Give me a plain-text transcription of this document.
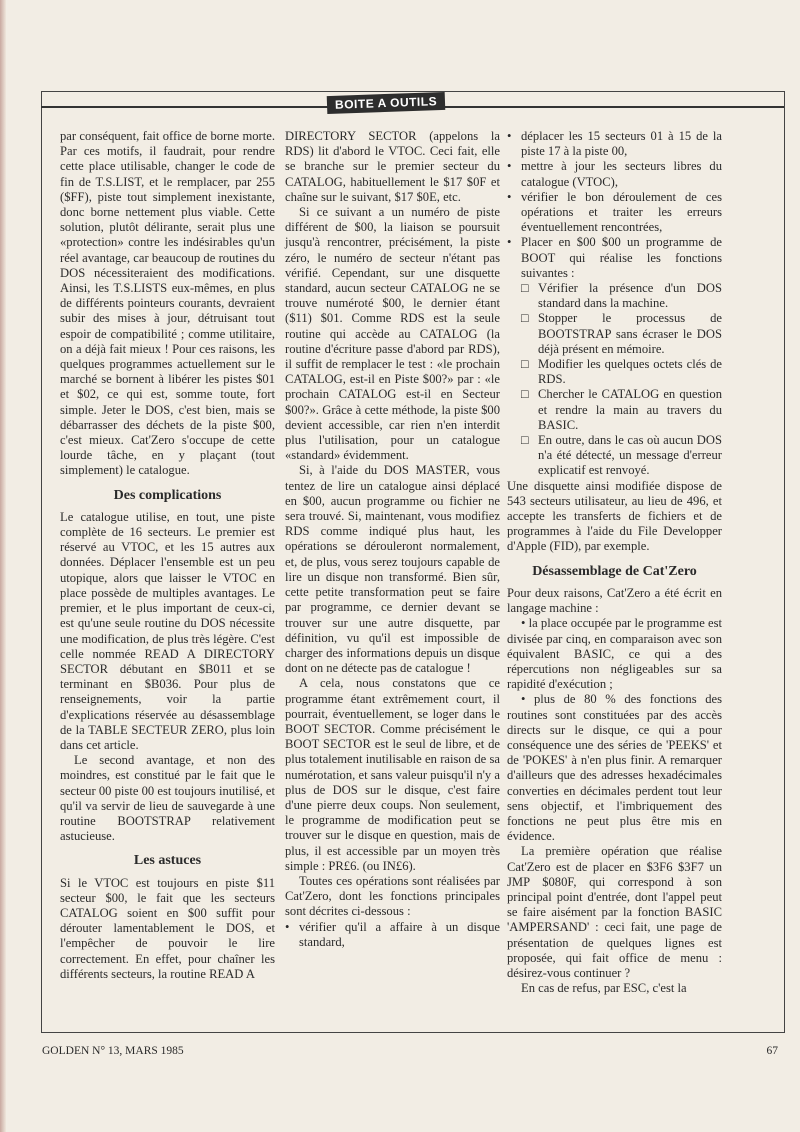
BOITE A OUTILS

par conséquent, fait office de borne morte. Par ces motifs, il faudrait, pour rendre cette place utilisable, changer le code de fin de T.S.LIST, et le remplacer, par 255 ($FF), piste tout simplement inexistante, donc borne nettement plus viable. Cette solution, plutôt délirante, serait plus une «protection» contre les indésirables qu'un réel avantage, car beaucoup de routines du DOS nécessiteraient des modifications. Ainsi, les T.S.LISTS eux-mêmes, en plus de différents pointeurs courants, devraient subir des mises à jour, détruisant tout espoir de compatibilité ; comme utilitaire, on a déjà fait mieux ! Pour ces raisons, les quelques programmes actuellement sur le marché se bornent à libérer les pistes $01 et $02, ce qui est, somme toute, fort simple. Jeter le DOS, c'est bien, mais se débarrasser des déchets de la piste $00, c'est mieux. Cat'Zero s'occupe de cette lourde tâche, en y plaçant (tout simplement) le catalogue.

Des complications

Le catalogue utilise, en tout, une piste complète de 16 secteurs. Le premier est réservé au VTOC, et les 15 autres aux données. Déplacer l'ensemble est un peu utopique, alors que laisser le VTOC en place possède de multiples avantages. Le premier, et le plus important de ceux-ci, est qu'une seule routine du DOS nécessite une modification, de plus très légère. C'est celle nommée READ A DIRECTORY SECTOR débutant en $B011 et se terminant en $B036. Pour plus de renseignements, voir la partie d'explications réservée au désassemblage de la TABLE SECTEUR ZERO, plus loin dans cet article.

Le second avantage, et non des moindres, est constitué par le fait que le secteur 00 piste 00 est toujours inutilisé, et qu'il va servir de lieu de sauvegarde à une routine BOOTSTRAP relativement astucieuse.

Les astuces

Si le VTOC est toujours en piste $11 secteur $00, le fait que les secteurs CATALOG soient en $00 suffit pour dérouter lamentablement le DOS, et l'empêcher de pouvoir le lire correctement. En effet, pour chaîner les différents secteurs, la routine READ A

DIRECTORY SECTOR (appelons la RDS) lit d'abord le VTOC. Ceci fait, elle se branche sur le premier secteur du CATALOG, habituellement le $17 $0F et chaîne sur le suivant, $17 $0E, etc.

Si ce suivant a un numéro de piste différent de $00, la liaison se poursuit jusqu'à rencontrer, précisément, la piste zéro, le numéro de secteur n'étant pas vérifié. Cependant, sur une disquette standard, aucun secteur CATALOG ne se trouve numéroté $00, le dernier étant ($11) $01. Comme RDS est la seule routine qui accède au CATALOG (la routine d'écriture passe d'abord par RDS), il suffit de remplacer le test : «le prochain CATALOG, est-il en Piste $00?» par : «le prochain CATALOG est-il en Secteur $00?». Grâce à cette méthode, la piste $00 devient accessible, car rien n'en interdit plus l'utilisation, pour un catalogue «standard» évidemment.

Si, à l'aide du DOS MASTER, vous tentez de lire un catalogue ainsi déplacé en $00, aucun programme ou fichier ne sera trouvé. Si, maintenant, vous modifiez RDS comme indiqué plus haut, les opérations se dérouleront normalement, et, de plus, vous serez toujours capable de lire un disque non transformé. Bien sûr, cette petite transformation peut se faire par programme, ce dernier devant se trouver sur une autre disquette, par définition, vu qu'il est impossible de charger des informations depuis un disque dont on ne détecte pas de catalogue !

A cela, nous constatons que ce programme étant extrêmement court, il pourrait, éventuellement, se loger dans le BOOT SECTOR. Comme précisément le BOOT SECTOR est le seul de libre, et de plus totalement inutilisable en raison de sa numérotation, et sans valeur puisqu'il n'y a plus de DOS sur le disque, c'est faire d'une pierre deux coups. Non seulement, le programme de modification peut se trouver sur le disque en question, mais de plus, il est accessible par un moyen très simple : PR£6. (ou IN£6).

Toutes ces opérations sont réalisées par Cat'Zero, dont les fonctions principales sont décrites ci-dessous :

• vérifier qu'il a affaire à un disque standard,
• déplacer les 15 secteurs 01 à 15 de la piste 17 à la piste 00,
• mettre à jour les secteurs libres du catalogue (VTOC),
• vérifier le bon déroulement de ces opérations et traiter les erreurs éventuellement rencontrées,
• Placer en $00 $00 un programme de BOOT qui réalise les fonctions suivantes :
□ Vérifier la présence d'un DOS standard dans la machine.
□ Stopper le processus de BOOTSTRAP sans écraser le DOS déjà présent en mémoire.
□ Modifier les quelques octets clés de RDS.
□ Chercher le CATALOG en question et rendre la main au travers du BASIC.
□ En outre, dans le cas où aucun DOS n'a été détecté, un message d'erreur explicatif est renvoyé.

Une disquette ainsi modifiée dispose de 543 secteurs utilisateur, au lieu de 496, et accepte les transferts de fichiers et de programmes à l'aide du File Developper d'Apple (FID), par exemple.

Désassemblage de Cat'Zero

Pour deux raisons, Cat'Zero a été écrit en langage machine :

• la place occupée par le programme est divisée par cinq, en comparaison avec son équivalent BASIC, ce qui a des répercutions non négligeables sur sa rapidité d'exécution ;

• plus de 80 % des fonctions des routines sont constituées par des accès directs sur le disque, ce qui a pour conséquence une des séries de 'PEEKS' et de 'POKES' à n'en plus finir. A remarquer d'ailleurs que des adresses hexadécimales converties en décimales perdent tout leur sens objectif, et l'imbriquement des fonctions ne peut plus être mis en évidence.

La première opération que réalise Cat'Zero est de placer en $3F6 $3F7 un JMP $080F, qui correspond à son principal point d'entrée, dont l'appel peut se faire aisément par la fonction BASIC 'AMPERSAND' : ceci fait, une page de présentation de quelques lignes est proposée, qui fait office de menu : désirez-vous continuer ?

En cas de refus, par ESC, c'est la

GOLDEN N° 13, MARS 1985	67
